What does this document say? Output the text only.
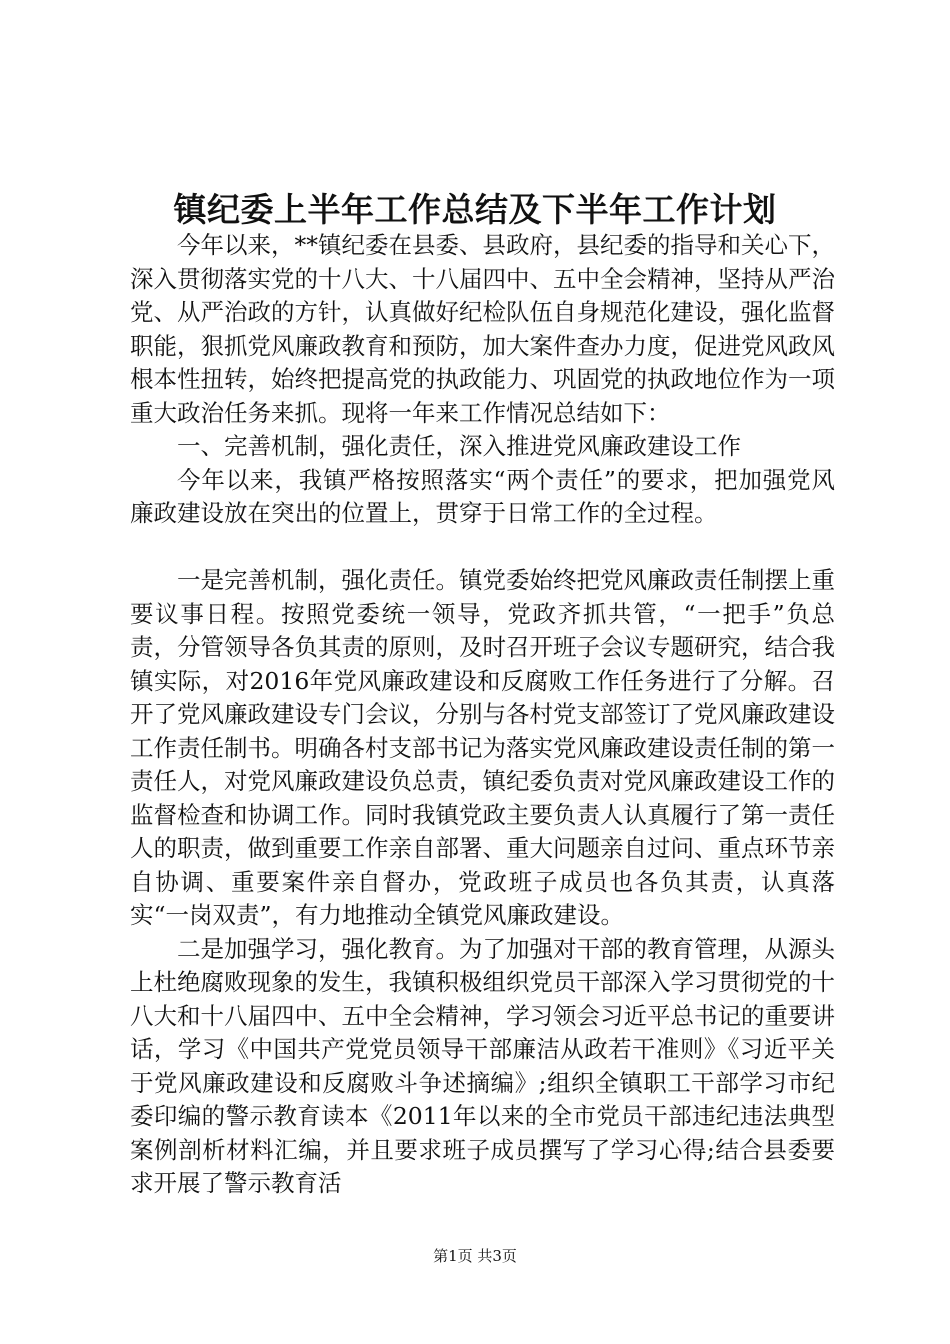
镇纪委上半年工作总结及下半年工作计划

今年以来，**镇纪委在县委、县政府，县纪委的指导和关心下，深入贯彻落实党的十八大、十八届四中、五中全会精神，坚持从严治党、从严治政的方针，认真做好纪检队伍自身规范化建设，强化监督职能，狠抓党风廉政教育和预防，加大案件查办力度，促进党风政风根本性扭转，始终把提高党的执政能力、巩固党的执政地位作为一项重大政治任务来抓。现将一年来工作情况总结如下：

一、完善机制，强化责任，深入推进党风廉政建设工作

今年以来，我镇严格按照落实“两个责任”的要求，把加强党风廉政建设放在突出的位置上，贯穿于日常工作的全过程。

一是完善机制，强化责任。镇党委始终把党风廉政责任制摆上重要议事日程。按照党委统一领导，党政齐抓共管，“一把手”负总责，分管领导各负其责的原则，及时召开班子会议专题研究，结合我镇实际，对2016年党风廉政建设和反腐败工作任务进行了分解。召开了党风廉政建设专门会议，分别与各村党支部签订了党风廉政建设工作责任制书。明确各村支部书记为落实党风廉政建设责任制的第一责任人，对党风廉政建设负总责，镇纪委负责对党风廉政建设工作的监督检查和协调工作。同时我镇党政主要负责人认真履行了第一责任人的职责，做到重要工作亲自部署、重大问题亲自过问、重点环节亲自协调、重要案件亲自督办，党政班子成员也各负其责，认真落实“一岗双责”，有力地推动全镇党风廉政建设。

二是加强学习，强化教育。为了加强对干部的教育管理，从源头上杜绝腐败现象的发生，我镇积极组织党员干部深入学习贯彻党的十八大和十八届四中、五中全会精神，学习领会习近平总书记的重要讲话，学习《中国共产党党员领导干部廉洁从政若干准则》《习近平关于党风廉政建设和反腐败斗争述摘编》;组织全镇职工干部学习市纪委印编的警示教育读本《2011年以来的全市党员干部违纪违法典型案例剖析材料汇编，并且要求班子成员撰写了学习心得;结合县委要求开展了警示教育活

第1页 共3页
